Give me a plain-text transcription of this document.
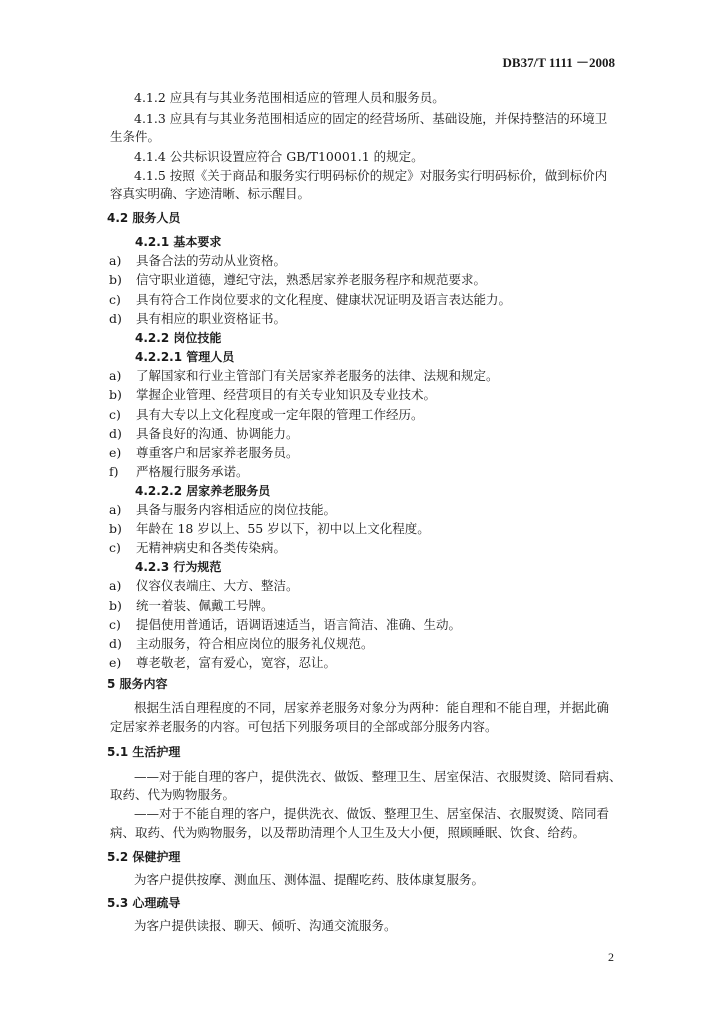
DB37/T 1111 －2008
4.1.2 应具有与其业务范围相适应的管理人员和服务员。
4.1.3 应具有与其业务范围相适应的固定的经营场所、基础设施，并保持整洁的环境卫
生条件。
4.1.4 公共标识设置应符合 GB/T10001.1 的规定。
4.1.5 按照《关于商品和服务实行明码标价的规定》对服务实行明码标价，做到标价内
容真实明确、字迹清晰、标示醒目。
4.2 服务人员
4.2.1 基本要求
a) 具备合法的劳动从业资格。
b) 信守职业道德，遵纪守法，熟悉居家养老服务程序和规范要求。
c) 具有符合工作岗位要求的文化程度、健康状况证明及语言表达能力。
d) 具有相应的职业资格证书。
4.2.2 岗位技能
4.2.2.1 管理人员
a) 了解国家和行业主管部门有关居家养老服务的法律、法规和规定。
b) 掌握企业管理、经营项目的有关专业知识及专业技术。
c) 具有大专以上文化程度或一定年限的管理工作经历。
d) 具备良好的沟通、协调能力。
e) 尊重客户和居家养老服务员。
f) 严格履行服务承诺。
4.2.2.2 居家养老服务员
a) 具备与服务内容相适应的岗位技能。
b) 年龄在 18 岁以上、55 岁以下，初中以上文化程度。
c) 无精神病史和各类传染病。
4.2.3 行为规范
a) 仪容仪表端庄、大方、整洁。
b) 统一着装、佩戴工号牌。
c) 提倡使用普通话，语调语速适当，语言简洁、准确、生动。
d) 主动服务，符合相应岗位的服务礼仪规范。
e) 尊老敬老，富有爱心，宽容，忍让。
5 服务内容
根据生活自理程度的不同，居家养老服务对象分为两种：能自理和不能自理，并据此确
定居家养老服务的内容。可包括下列服务项目的全部或部分服务内容。
5.1 生活护理
——对于能自理的客户，提供洗衣、做饭、整理卫生、居室保洁、衣服熨烫、陪同看病、
取药、代为购物服务。
——对于不能自理的客户，提供洗衣、做饭、整理卫生、居室保洁、衣服熨烫、陪同看
病、取药、代为购物服务，以及帮助清理个人卫生及大小便，照顾睡眠、饮食、给药。
5.2 保健护理
为客户提供按摩、测血压、测体温、提醒吃药、肢体康复服务。
5.3 心理疏导
为客户提供读报、聊天、倾听、沟通交流服务。
2
